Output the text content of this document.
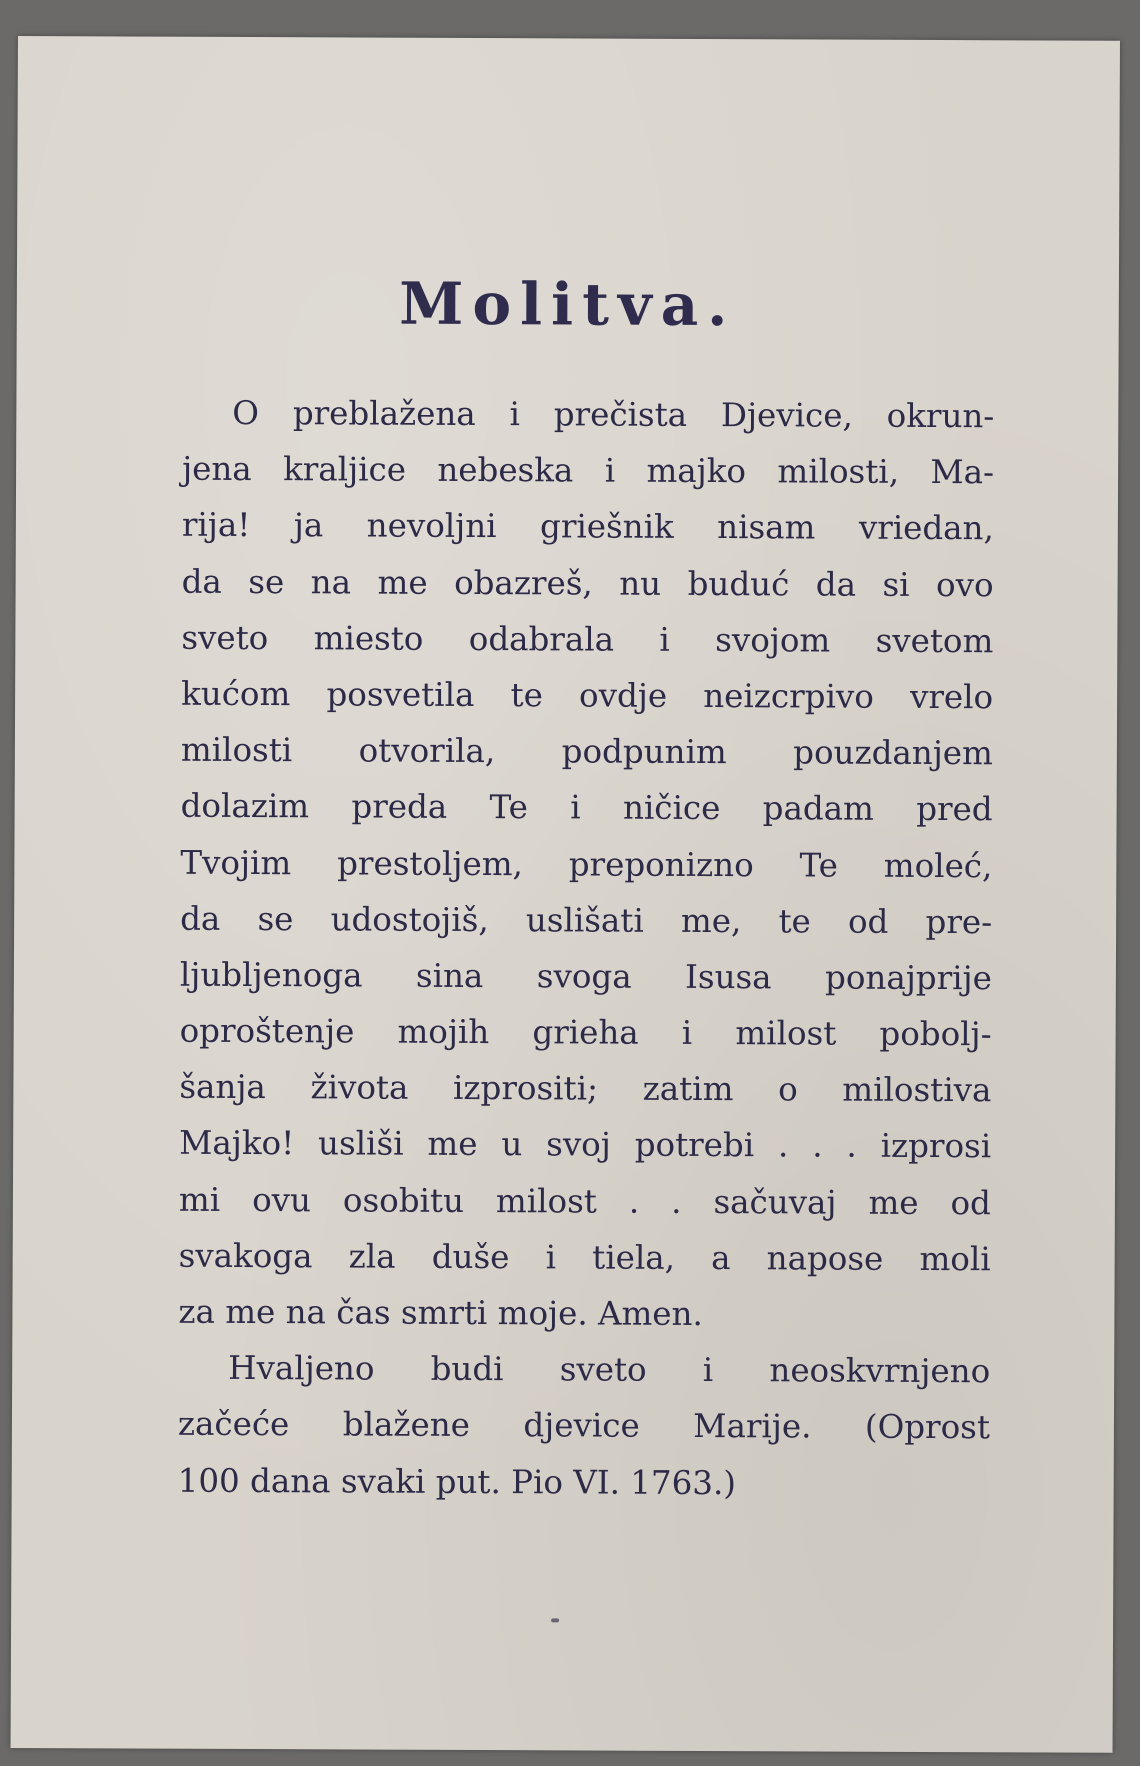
Molitva.
O preblažena i prečista Djevice, okrun-
jena kraljice nebeska i majko milosti, Ma-
rija! ja nevoljni griešnik nisam vriedan,
da se na me obazreš, nu buduć da si ovo
sveto miesto odabrala i svojom svetom
kućom posvetila te ovdje neizcrpivo vrelo
milosti otvorila, podpunim pouzdanjem
dolazim preda Te i ničice padam pred
Tvojim prestoljem, preponizno Te moleć,
da se udostojiš, uslišati me, te od pre-
ljubljenoga sina svoga Isusa ponajprije
oproštenje mojih grieha i milost pobolj-
šanja života izprositi; zatim o milostiva
Majko! usliši me u svoj potrebi . . . izprosi
mi ovu osobitu milost . . sačuvaj me od
svakoga zla duše i tiela, a napose moli
za me na čas smrti moje. Amen.
Hvaljeno budi sveto i neoskvrnjeno
začeće blažene djevice Marije. (Oprost
100 dana svaki put. Pio VI. 1763.)
